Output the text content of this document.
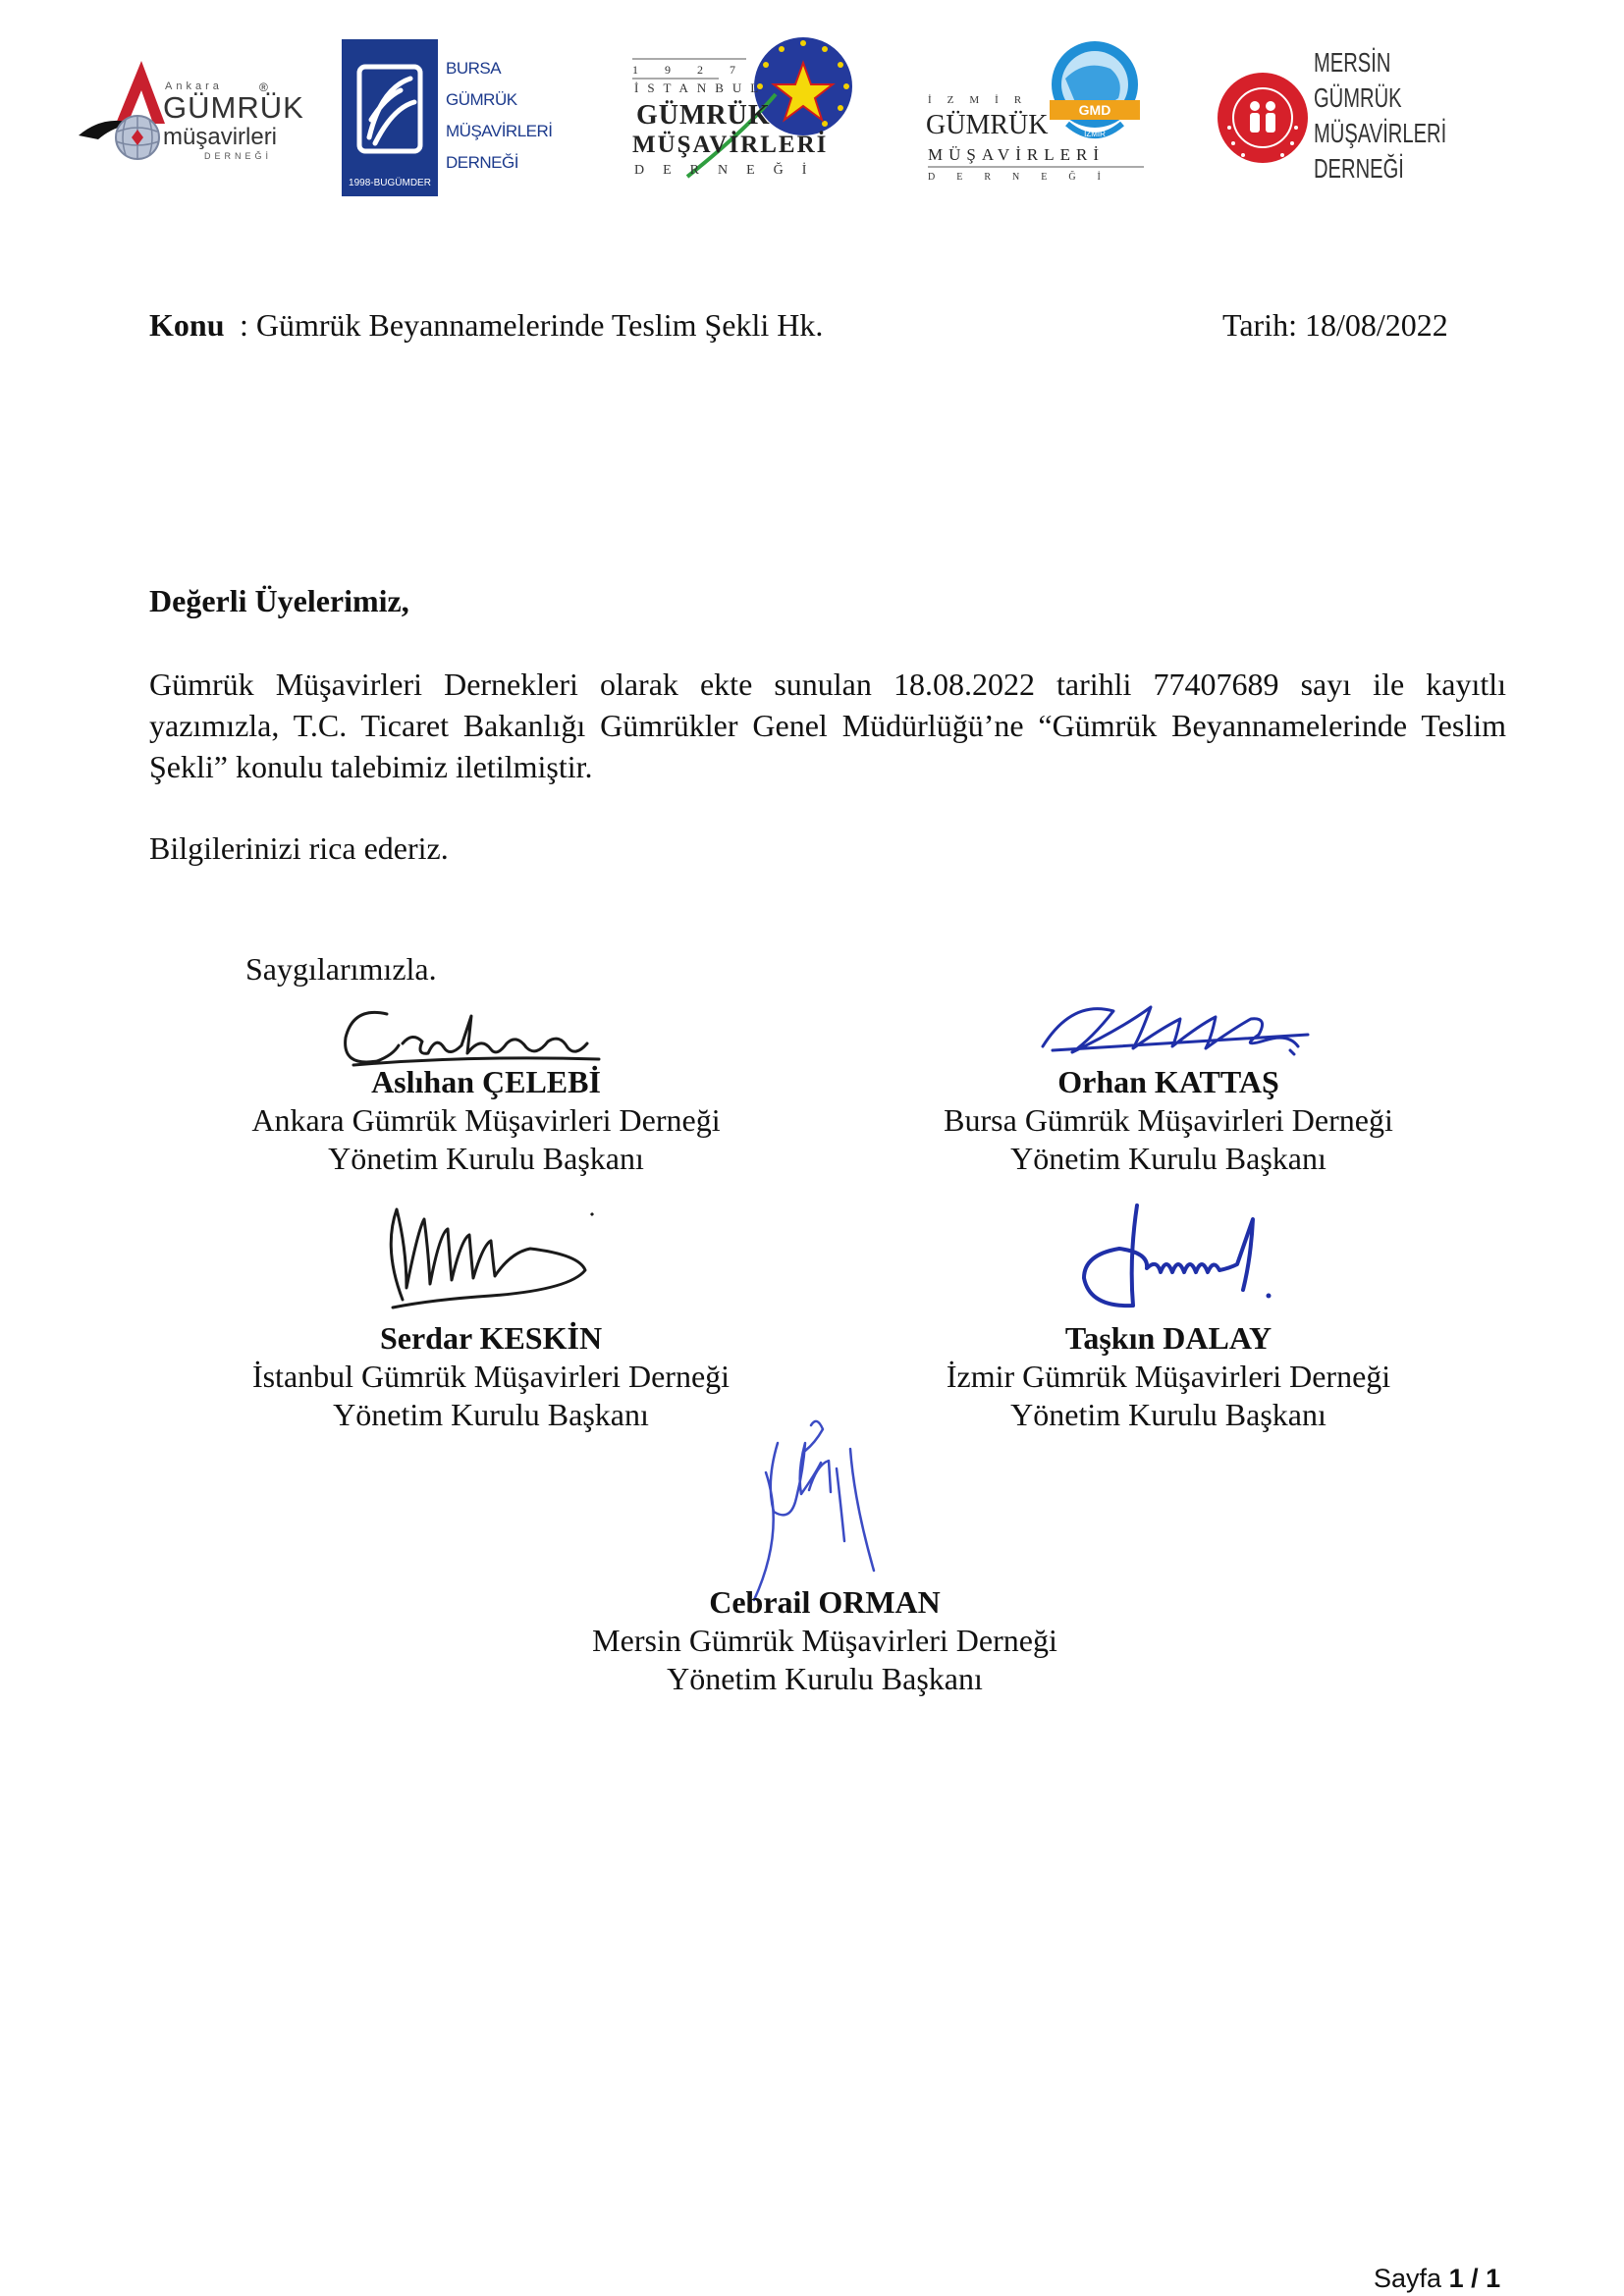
Ankara
GÜMRÜK
müşavirleri
DERNEĞİ
®
1998-BUGÜMDER
BURSA
GÜMRÜK
MÜŞAVİRLERİ
DERNEĞİ
1927
İSTANBUL
GÜMRÜK
MÜŞAVİRLERİ
DERNEĞİ
GMD
İZMİR
İZMİR
GÜMRÜK
MÜŞAVİRLERİ
DERNEĞİ
MERSİN
GÜMRÜK
MÜŞAVİRLERİ
DERNEĞİ
Konu : Gümrük Beyannamelerinde Teslim Şekli Hk.	Tarih: 18/08/2022
Değerli Üyelerimiz,
Gümrük Müşavirleri Dernekleri olarak ekte sunulan 18.08.2022 tarihli 77407689 sayı ile kayıtlı
yazımızla, T.C. Ticaret Bakanlığı Gümrükler Genel Müdürlüğü’ne “Gümrük Beyannamelerinde Teslim
Şekli” konulu talebimiz iletilmiştir.
Bilgilerinizi rica ederiz.
Saygılarımızla.
Aslıhan ÇELEBİ
Ankara Gümrük Müşavirleri Derneği
Yönetim Kurulu Başkanı
Orhan KATTAŞ
Bursa Gümrük Müşavirleri Derneği
Yönetim Kurulu Başkanı
Serdar KESKİN
İstanbul Gümrük Müşavirleri Derneği
Yönetim Kurulu Başkanı
Taşkın DALAY
İzmir Gümrük Müşavirleri Derneği
Yönetim Kurulu Başkanı
Cebrail ORMAN
Mersin Gümrük Müşavirleri Derneği
Yönetim Kurulu Başkanı
Sayfa 1 / 1
